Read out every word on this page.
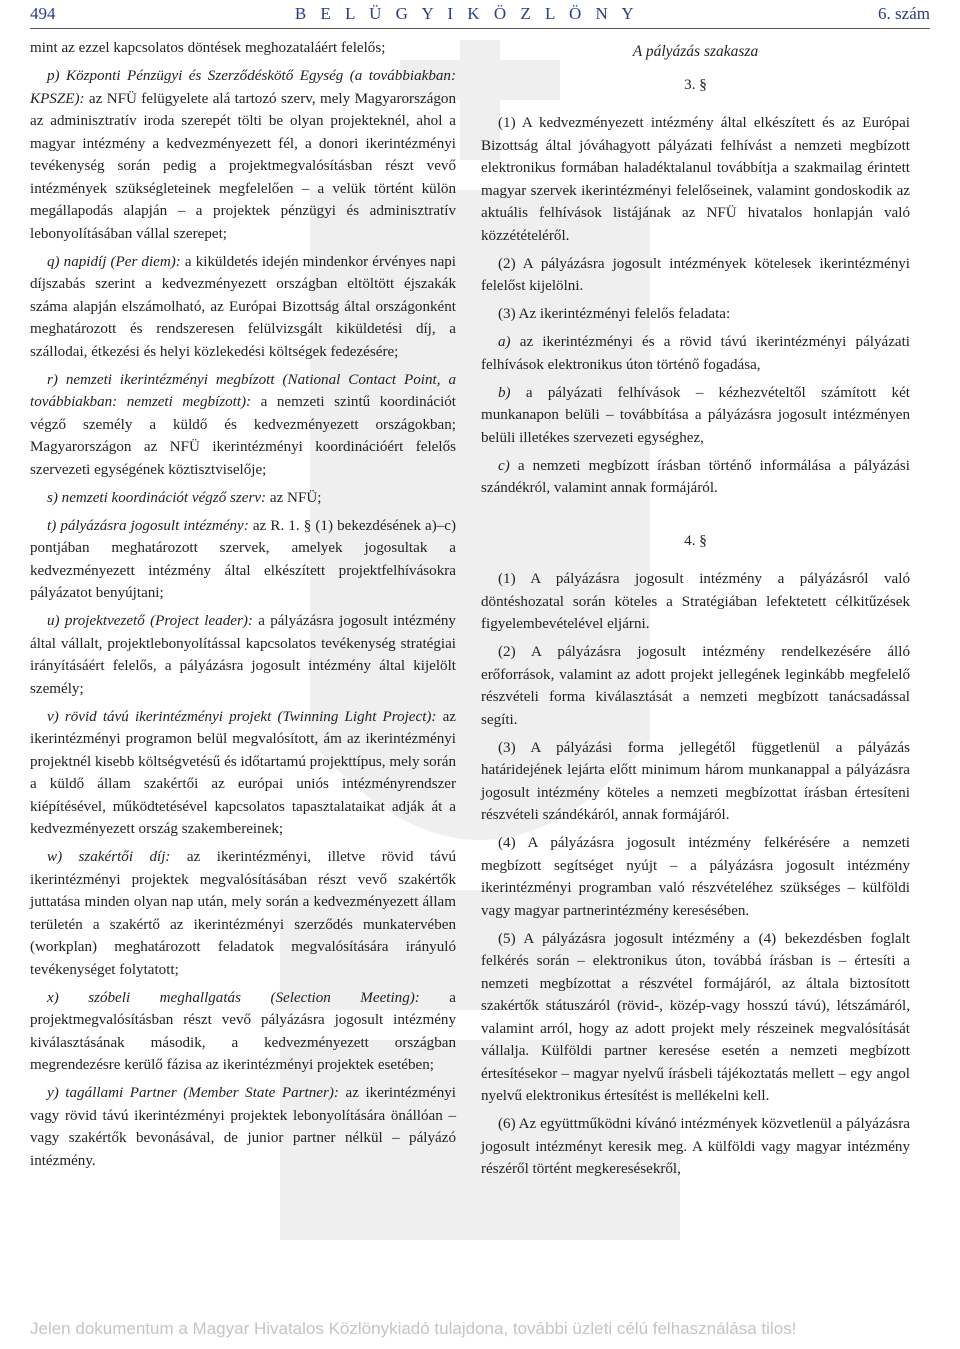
494	B E L Ü G Y I K Ö Z L Ö N Y	6. szám

mint az ezzel kapcsolatos döntések meghozataláért felelős;

p) Központi Pénzügyi és Szerződéskötő Egység (a továbbiakban: KPSZE): az NFÜ felügyelete alá tartozó szerv, mely Magyarországon az adminisztratív iroda szerepét tölti be olyan projekteknél, ahol a magyar intézmény a kedvezményezett fél, a donori ikerintézményi tevékenység során pedig a projektmegvalósításban részt vevő intézmények szükségleteinek megfelelően – a velük történt külön megállapodás alapján – a projektek pénzügyi és adminisztratív lebonyolításában vállal szerepet;

q) napidíj (Per diem): a kiküldetés idején mindenkor érvényes napi díjszabás szerint a kedvezményezett országban eltöltött éjszakák száma alapján elszámolható, az Európai Bizottság által országonként meghatározott és rendszeresen felülvizsgált kiküldetési díj, a szállodai, étkezési és helyi közlekedési költségek fedezésére;

r) nemzeti ikerintézményi megbízott (National Contact Point, a továbbiakban: nemzeti megbízott): a nemzeti szintű koordinációt végző személy a küldő és kedvezményezett országokban; Magyarországon az NFÜ ikerintézményi koordinációért felelős szervezeti egységének köztisztviselője;

s) nemzeti koordinációt végző szerv: az NFÜ;

t) pályázásra jogosult intézmény: az R. 1. § (1) bekezdésének a)–c) pontjában meghatározott szervek, amelyek jogosultak a kedvezményezett intézmény által elkészített projektfelhívásokra pályázatot benyújtani;

u) projektvezető (Project leader): a pályázásra jogosult intézmény által vállalt, projektlebonyolítással kapcsolatos tevékenység stratégiai irányításáért felelős, a pályázásra jogosult intézmény által kijelölt személy;

v) rövid távú ikerintézményi projekt (Twinning Light Project): az ikerintézményi programon belül megvalósított, ám az ikerintézményi projektnél kisebb költségvetésű és időtartamú projekttípus, mely során a küldő állam szakértői az európai uniós intézményrendszer kiépítésével, működtetésével kapcsolatos tapasztalataikat adják át a kedvezményezett ország szakembereinek;

w) szakértői díj: az ikerintézményi, illetve rövid távú ikerintézményi projektek megvalósításában részt vevő szakértők juttatása minden olyan nap után, mely során a kedvezményezett állam területén a szakértő az ikerintézményi szerződés munkatervében (workplan) meghatározott feladatok megvalósítására irányuló tevékenységet folytatott;

x) szóbeli meghallgatás (Selection Meeting): a projektmegvalósításban részt vevő pályázásra jogosult intézmény kiválasztásának második, a kedvezményezett országban megrendezésre kerülő fázisa az ikerintézményi projektek esetében;

y) tagállami Partner (Member State Partner): az ikerintézményi vagy rövid távú ikerintézményi projektek lebonyolítására önállóan – vagy szakértők bevonásával, de junior partner nélkül – pályázó intézmény.

A pályázás szakasza

3. §

(1) A kedvezményezett intézmény által elkészített és az Európai Bizottság által jóváhagyott pályázati felhívást a nemzeti megbízott elektronikus formában haladéktalanul továbbítja a szakmailag érintett magyar szervek ikerintézményi felelőseinek, valamint gondoskodik az aktuális felhívások listájának az NFÜ hivatalos honlapján való közzétételéről.

(2) A pályázásra jogosult intézmények kötelesek ikerintézményi felelőst kijelölni.

(3) Az ikerintézményi felelős feladata:

a) az ikerintézményi és a rövid távú ikerintézményi pályázati felhívások elektronikus úton történő fogadása,

b) a pályázati felhívások – kézhezvételtől számított két munkanapon belüli – továbbítása a pályázásra jogosult intézményen belüli illetékes szervezeti egységhez,

c) a nemzeti megbízott írásban történő informálása a pályázási szándékról, valamint annak formájáról.

4. §

(1) A pályázásra jogosult intézmény a pályázásról való döntéshozatal során köteles a Stratégiában lefektetett célkitűzések figyelembevételével eljárni.

(2) A pályázásra jogosult intézmény rendelkezésére álló erőforrások, valamint az adott projekt jellegének leginkább megfelelő részvételi forma kiválasztását a nemzeti megbízott tanácsadással segíti.

(3) A pályázási forma jellegétől függetlenül a pályázás határidejének lejárta előtt minimum három munkanappal a pályázásra jogosult intézmény köteles a nemzeti megbízottat írásban értesíteni részvételi szándékáról, annak formájáról.

(4) A pályázásra jogosult intézmény felkérésére a nemzeti megbízott segítséget nyújt – a pályázásra jogosult intézmény ikerintézményi programban való részvételéhez szükséges – külföldi vagy magyar partnerintézmény keresésében.

(5) A pályázásra jogosult intézmény a (4) bekezdésben foglalt felkérés során – elektronikus úton, továbbá írásban is – értesíti a nemzeti megbízottat a részvétel formájáról, az általa biztosított szakértők státuszáról (rövid-, közép-vagy hosszú távú), létszámáról, valamint arról, hogy az adott projekt mely részeinek megvalósítását vállalja. Külföldi partner keresése esetén a nemzeti megbízott értesítésekor – magyar nyelvű írásbeli tájékoztatás mellett – egy angol nyelvű elektronikus értesítést is mellékelni kell.

(6) Az együttműködni kívánó intézmények közvetlenül a pályázásra jogosult intézményt keresik meg. A külföldi vagy magyar intézmény részéről történt megkeresésekről,

Jelen dokumentum a Magyar Hivatalos Közlönykiadó tulajdona, további üzleti célú felhasználása tilos!
